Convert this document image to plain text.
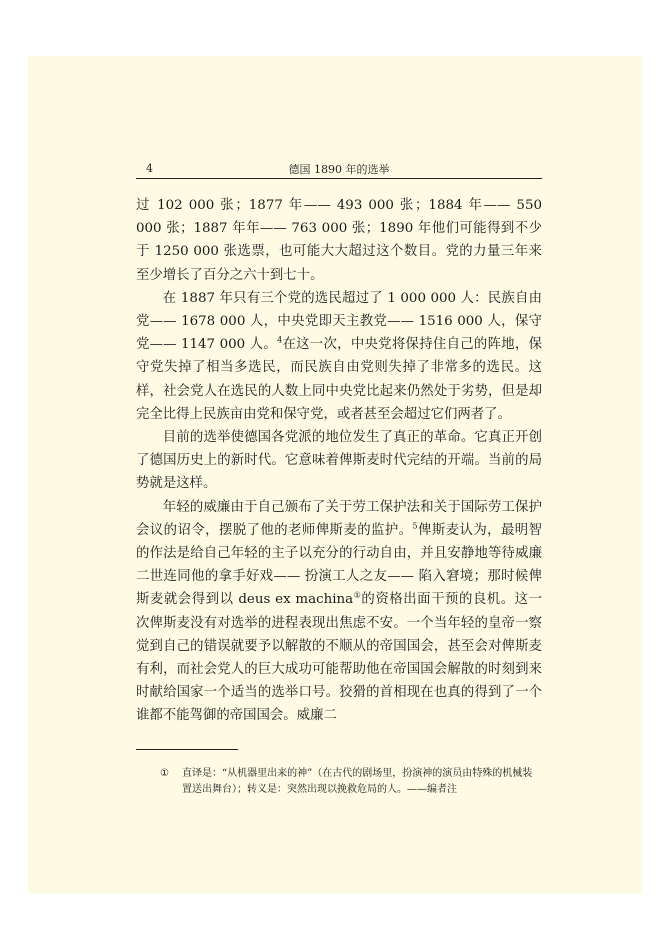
4	德国 1890 年的选举

过 102 000 张；1877 年—— 493 000 张；1884 年—— 550 000 张；1887 年年—— 763 000 张；1890 年他们可能得到不少于 1250 000 张选票，也可能大大超过这个数目。党的力量三年来至少增长了百分之六十到七十。

在 1887 年只有三个党的选民超过了 1 000 000 人：民族自由党—— 1678 000 人，中央党即天主教党—— 1516 000 人，保守党—— 1147 000 人。$^4$在这一次，中央党将保持住自己的阵地，保守党失掉了相当多选民，而民族自由党则失掉了非常多的选民。这样，社会党人在选民的人数上同中央党比起来仍然处于劣势，但是却完全比得上民族亩由党和保守党，或者甚至会超过它们两者了。

目前的选举使德国各党派的地位发生了真正的革命。它真正开创了德国历史上的新时代。它意味着俾斯麦时代完结的开端。当前的局势就是这样。

年轻的威廉由于自己颁布了关于劳工保护法和关于国际劳工保护会议的诏令，摆脱了他的老师俾斯麦的监护。$^5$俾斯麦认为，最明智的作法是给自己年轻的主子以充分的行动自由，并且安静地等待威廉二世连同他的拿手好戏—— 扮演工人之友—— 陷入窘境；那时候俾斯麦就会得到以 deus ex machina①的资格出面干预的良机。这一次俾斯麦没有对选举的进程表现出焦虑不安。一个当年轻的皇帝一察觉到自己的错误就要予以解散的不顺从的帝国国会，甚至会对俾斯麦有利，而社会党人的巨大成功可能帮助他在帝国国会解散的时刻到来时献给国家一个适当的选举口号。狡猾的首相现在也真的得到了一个谁都不能驾御的帝国国会。威廉二

①	直译是：“从机器里出来的神”（在古代的剧场里，扮演神的演员由特殊的机械装置送出舞台）；转义是：突然出现以挽救危局的人。——编者注
